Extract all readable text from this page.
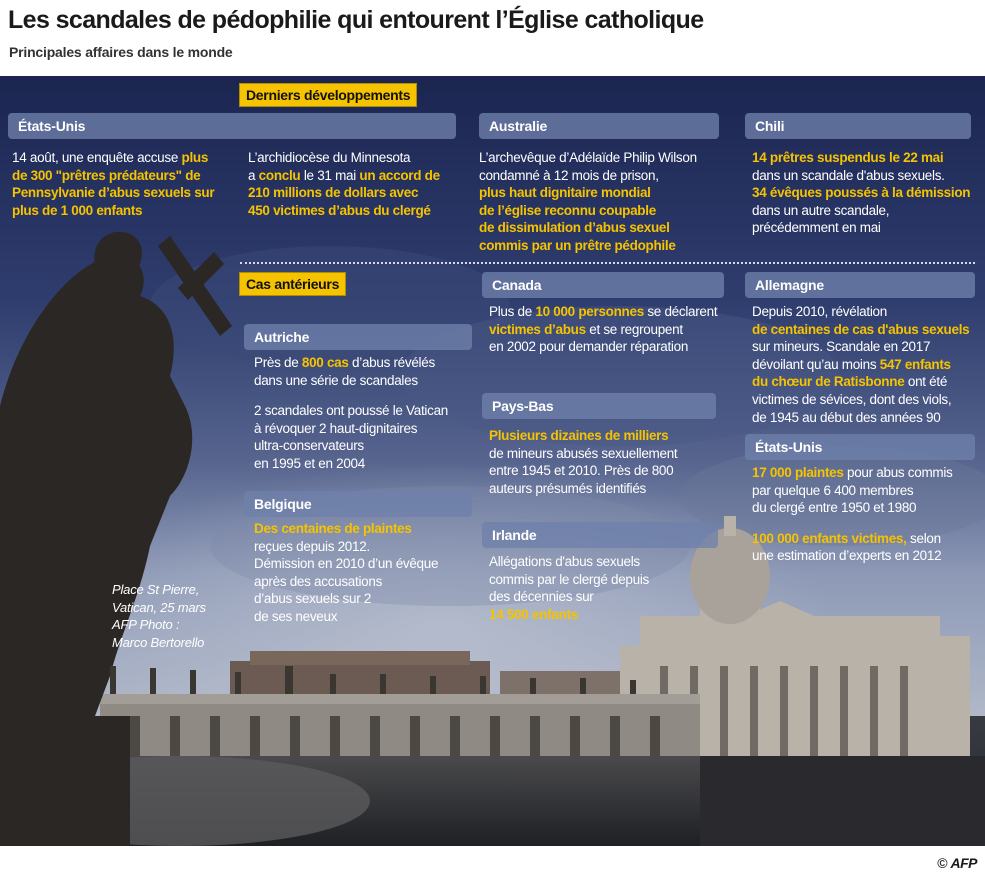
Les scandales de pédophilie qui entourent l’Église catholique
Principales affaires dans le monde
Derniers développements
Cas antérieurs
États-Unis
14 août, une enquête accuse plus
de 300 "prêtres prédateurs" de
Pennsylvanie d’abus sexuels sur
plus de 1 000 enfants
L’archidiocèse du Minnesota
a conclu le 31 mai un accord de
210 millions de dollars avec
450 victimes d’abus du clergé
Australie
L’archevêque d’Adélaïde Philip Wilson
condamné à 12 mois de prison,
plus haut dignitaire mondial
de l’église reconnu coupable
de dissimulation d’abus sexuel
commis par un prêtre pédophile
Chili
14 prêtres suspendus le 22 mai
dans un scandale d'abus sexuels.
34 évêques poussés à la démission
dans un autre scandale,
précédemment en mai
Autriche
Près de 800 cas d’abus révélés
dans une série de scandales
2 scandales ont poussé le Vatican
à révoquer 2 haut-dignitaires
ultra-conservateurs
en 1995 et en 2004
Belgique
Des centaines de plaintes
reçues depuis 2012.
Démission en 2010 d’un évêque
après des accusations
d’abus sexuels sur 2
de ses neveux
Canada
Plus de 10 000 personnes se déclarent
victimes d’abus et se regroupent
en 2002 pour demander réparation
Pays-Bas
Plusieurs dizaines de milliers
de mineurs abusés sexuellement
entre 1945 et 2010. Près de 800
auteurs présumés identifiés
Irlande
Allégations d'abus sexuels
commis par le clergé depuis
des décennies sur
14 500 enfants
Allemagne
Depuis 2010, révélation
de centaines de cas d'abus sexuels
sur mineurs. Scandale en 2017
dévoilant qu’au moins 547 enfants
du chœur de Ratisbonne ont été
victimes de sévices, dont des viols,
de 1945 au début des années 90
États-Unis
17 000 plaintes pour abus commis
par quelque 6 400 membres
du clergé entre 1950 et 1980
100 000 enfants victimes, selon
une estimation d’experts en 2012
Place St Pierre,
Vatican, 25 mars
AFP Photo :
Marco Bertorello
© AFP
